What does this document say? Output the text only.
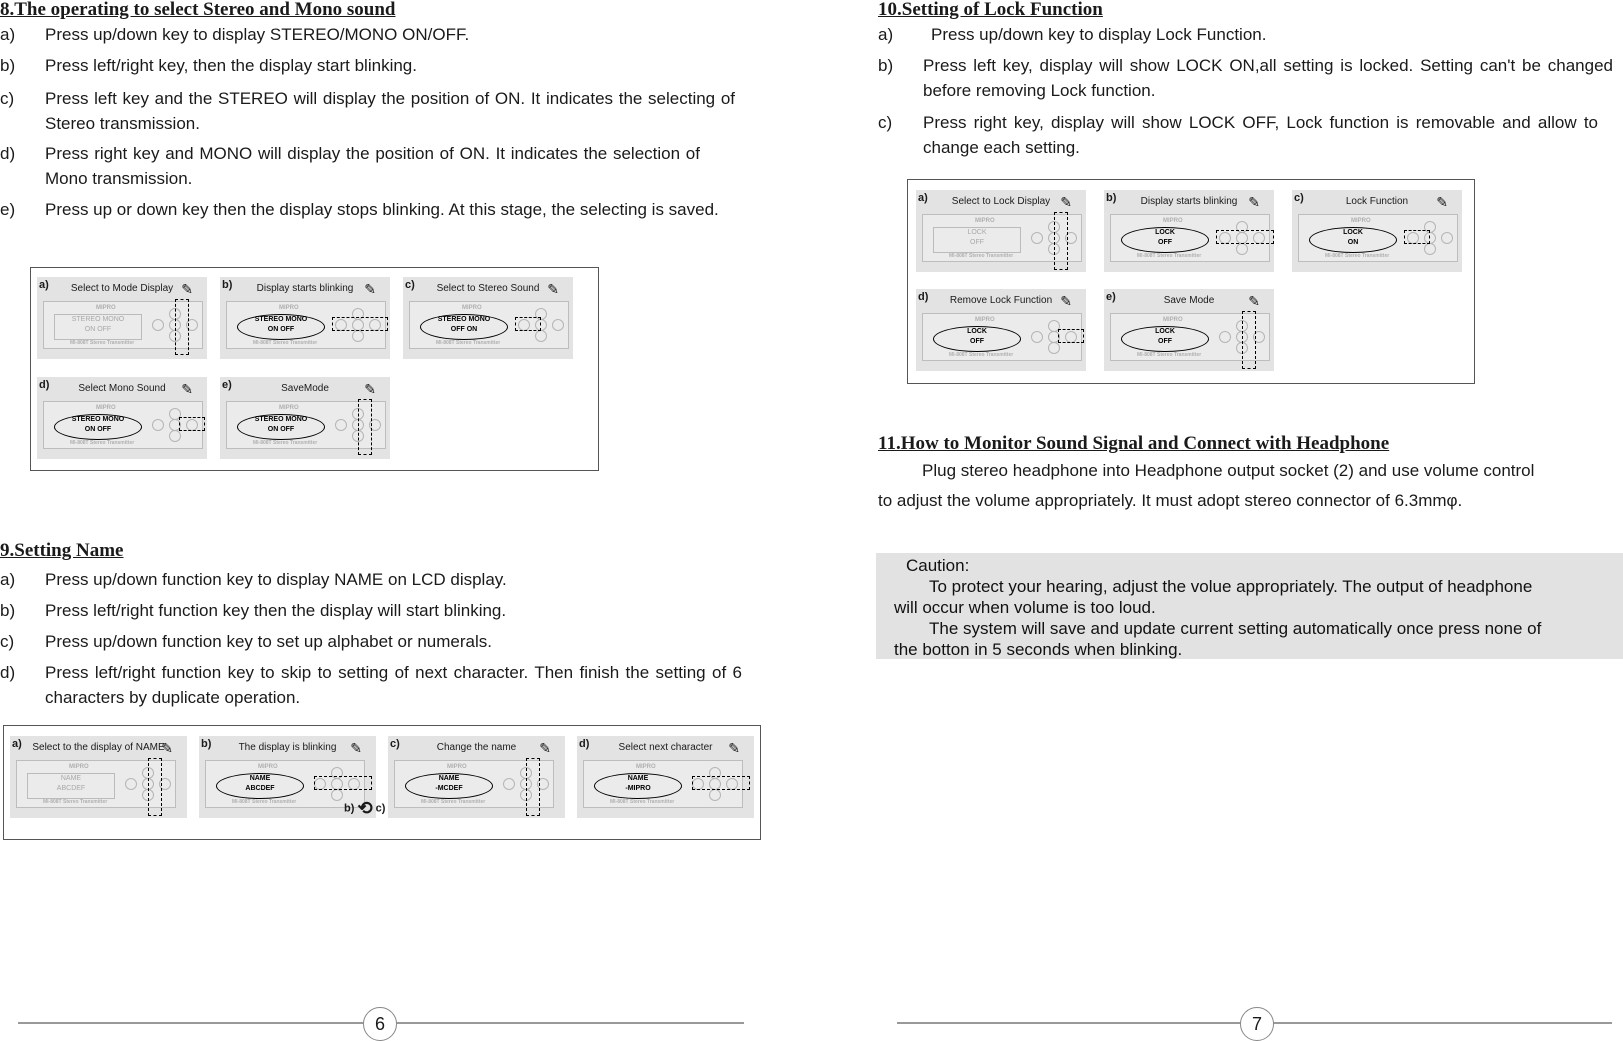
8.The operating to select Stereo and Mono sound
a)	Press up/down key to display STEREO/MONO ON/OFF.
b)	Press left/right key, then the display start blinking.
c)	Press left key and the STEREO will display the position of ON. It indicates the selecting of Stereo transmission.
d)	Press right key and MONO will display the position of ON. It indicates the selection of Mono transmission.
e)	Press up or down key then the display stops blinking. At this stage, the selecting is saved.
a)	Select to Mode Display ✎
MIPRO
STEREO MONO
ON OFF
MI-808T Stereo Transmitter
b)	Display starts blinking ✎
MIPRO
STEREO MONO
ON OFF
MI-808T Stereo Transmitter
c)	Select to Stereo Sound ✎
MIPRO
STEREO MONO
OFF ON
MI-808T Stereo Transmitter
d)	Select Mono Sound	✎
MIPRO
STEREO MONO
ON OFF
MI-808T Stereo Transmitter
e)	SaveMode	✎
MIPRO
STEREO MONO
ON OFF
MI-808T Stereo Transmitter
9.Setting Name
a)	Press up/down function key to display NAME on LCD display.
b)	Press left/right function key then the display will start blinking.
c)	Press up/down function key to set up alphabet or numerals.
d)	Press left/right function key to skip to setting of next character. Then finish the setting of 6 characters by duplicate operation.
a)	Select to the display of NAME
✎
MIPRO
NAME
ABCDEF
MI-808T Stereo Transmitter
b)	The display is blinking ✎
MIPRO
NAME
ABCDEF
MI-808T Stereo Transmitter
c)	Change the name	✎
MIPRO
NAME
-MCDEF
MI-808T Stereo Transmitter
d)	Select next character	✎
MIPRO
NAME
-MIPRO
MI-808T Stereo Transmitter
b) ⟲ c)
6
10.Setting of Lock Function
a)	Press up/down key to display Lock Function.
b)	Press left key, display will show LOCK ON,all setting is locked. Setting can't be changed before removing Lock function.
c)	Press right key, display will show LOCK OFF, Lock function is removable and allow to change each setting.
a)	Select to Lock Display ✎
MIPRO
LOCK
OFF
MI-808T Stereo Transmitter
b)	Display starts blinking ✎
MIPRO
LOCK
OFF
MI-808T Stereo Transmitter
c)	Lock Function	✎
MIPRO
LOCK
ON
MI-808T Stereo Transmitter
d)	Remove Lock Function ✎
MIPRO
LOCK
OFF
MI-808T Stereo Transmitter
e)	Save Mode	✎
MIPRO
LOCK
OFF
MI-808T Stereo Transmitter
11.How to Monitor Sound Signal and Connect with Headphone
Plug stereo headphone into Headphone output socket (2) and use volume control
to adjust the volume appropriately. It must adopt stereo connector of 6.3mmφ.

Caution:

To protect your hearing, adjust the volue appropriately. The output of headphone

will occur when volume is too loud.

The system will save and update current setting automatically once press none of

the botton in 5 seconds when blinking.

7
